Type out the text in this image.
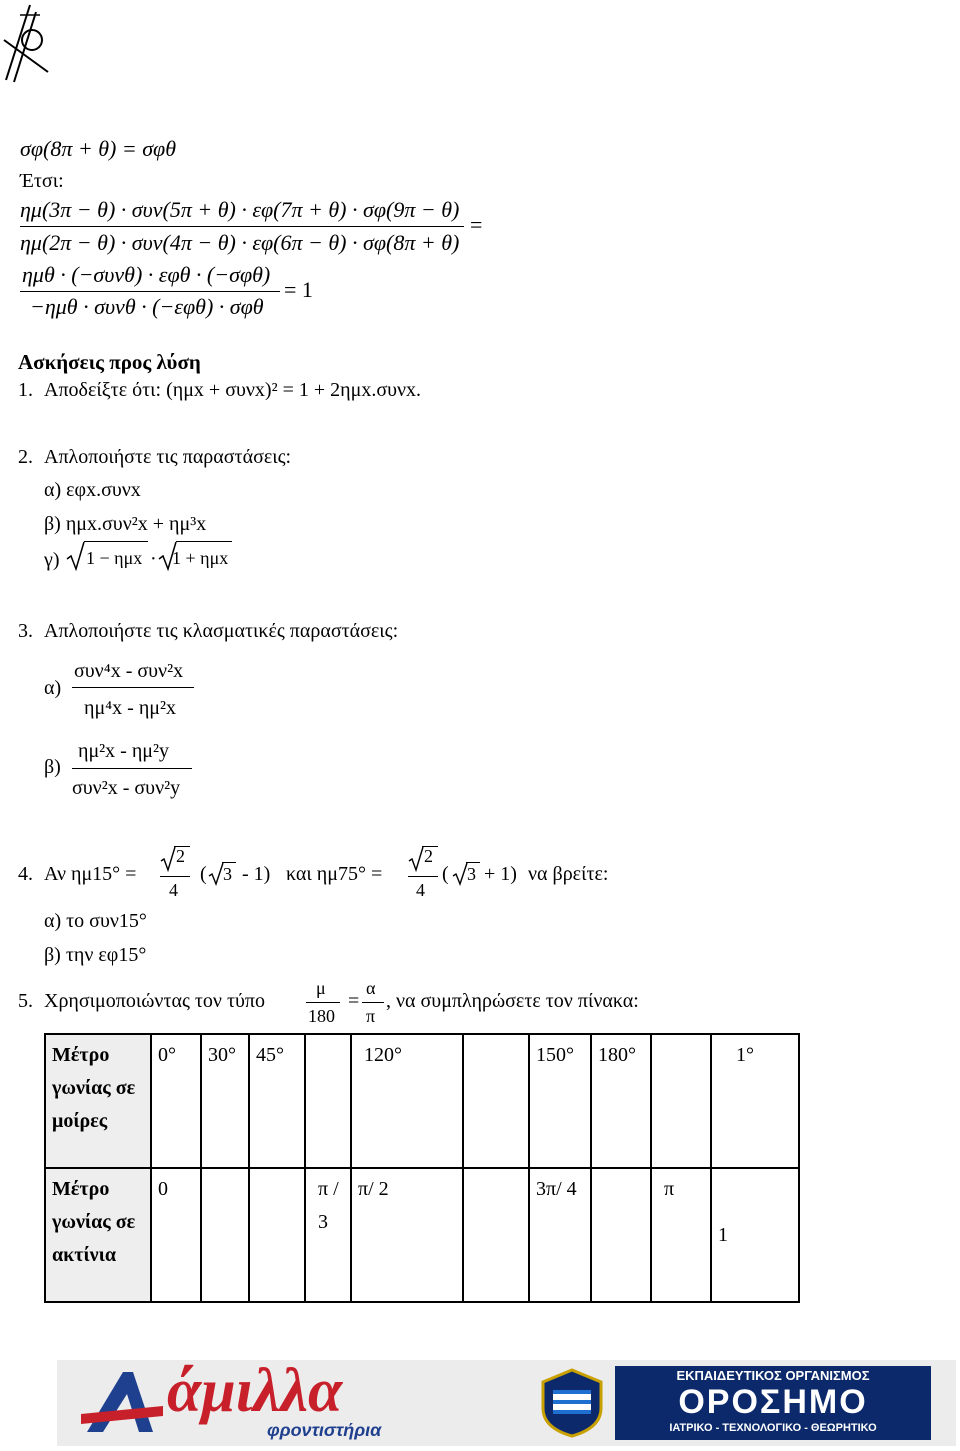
σφ(8π + θ) = σφθ
Έτσι:
ημ(3π − θ) · συν(5π + θ) · εφ(7π + θ) · σφ(9π − θ)
ημ(2π − θ) · συν(4π − θ) · εφ(6π − θ) · σφ(8π + θ)
=
ημθ · (−συνθ) · εφθ · (−σφθ)
−ημθ · συνθ · (−εφθ) · σφθ
= 1
Ασκήσεις προς λύση
1. Αποδείξτε ότι: (ημx + συνx)² = 1 + 2ημx.συνx.
2. Απλοποιήστε τις παραστάσεις:
α) εφx.συνx
β) ημx.συν²x + ημ³x
γ) 1 − ημx · 1 + ημx
3. Απλοποιήστε τις κλασματικές παραστάσεις:
α)
συν⁴x - συν²x
ημ⁴x - ημ²x
β)
ημ²x - ημ²y
συν²x - συν²y
4. Αν ημ15° =
2
4
( 3 - 1) και ημ75° =
2
4
( 3 + 1) να βρείτε:
α) το συν15°
β) την εφ15°
5. Χρησιμοποιώντας τον τύπο
μ
180
=
α
π
, να συμπληρώσετε τον πίνακα:
Μέτρο γωνίας σε μοίρες	0°	30°	45°		120°		150°	180°		1°
Μέτρο γωνίας σε ακτίνια	0			π / 3	π/ 2		3π/ 4		π	1
άμιλλα
φροντιστήρια
ΕΚΠΑΙΔΕΥΤΙΚΟΣ ΟΡΓΑΝΙΣΜΟΣ
ΟΡΟΣΗΜΟ
ΙΑΤΡΙΚΟ - ΤΕΧΝΟΛΟΓΙΚΟ - ΘΕΩΡΗΤΙΚΟ
